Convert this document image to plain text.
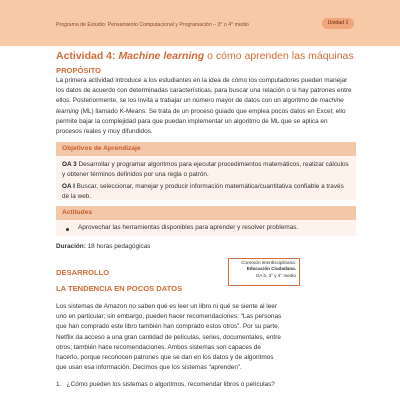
Programa de Estudio: Pensamiento Computacional y Programación – 3° o 4° medio	Unidad 1
Actividad 4: Machine learning o cómo aprenden las máquinas
PROPÓSITO
La primera actividad introduce a los estudiantes en la idea de cómo los computadores pueden manejar los datos de acuerdo con determinadas características, para buscar una relación o si hay patrones entre ellos. Posteriormente, se los invita a trabajar un número mayor de datos con un algoritmo de machine learning (ML) llamado K-Means. Se trata de un proceso guiado que emplea pocos datos en Excel; ello permite bajar la complejidad para que puedan implementar un algoritmo de ML que se aplica en procesos reales y muy difundidos.
Objetivos de Aprendizaje
OA 3 Desarrollar y programar algoritmos para ejecutar procedimientos matemáticos, realizar cálculos y obtener términos definidos por una regla o patrón.
OA I Buscar, seleccionar, manejar y producir información matemática/cuantitativa confiable a través de la web.
Actitudes
Aprovechar las herramientas disponibles para aprender y resolver problemas.
Duración: 18 horas pedagógicas
DESARROLLO
LA TENDENCIA EN POCOS DATOS
Los sistemas de Amazon no saben qué es leer un libro ni qué se siente al leer uno en particular; sin embargo, pueden hacer recomendaciones: “Las personas que han comprado este libro también han comprado estos otros”. Por su parte, Netflix da acceso a una gran cantidad de películas, series, documentales, entre otros; también hace recomendaciones. Ambos sistemas son capaces de hacerlo, porque reconocen patrones que se dan en los datos y de algoritmos que usan esa información. Decimos que los sistemas “aprenden”.
1. ¿Cómo pueden los sistemas o algoritmos, recomendar libros o películas?
Conexión interdisciplinaria:
Educación Ciudadana.
OA b, 3° y 4° medio
